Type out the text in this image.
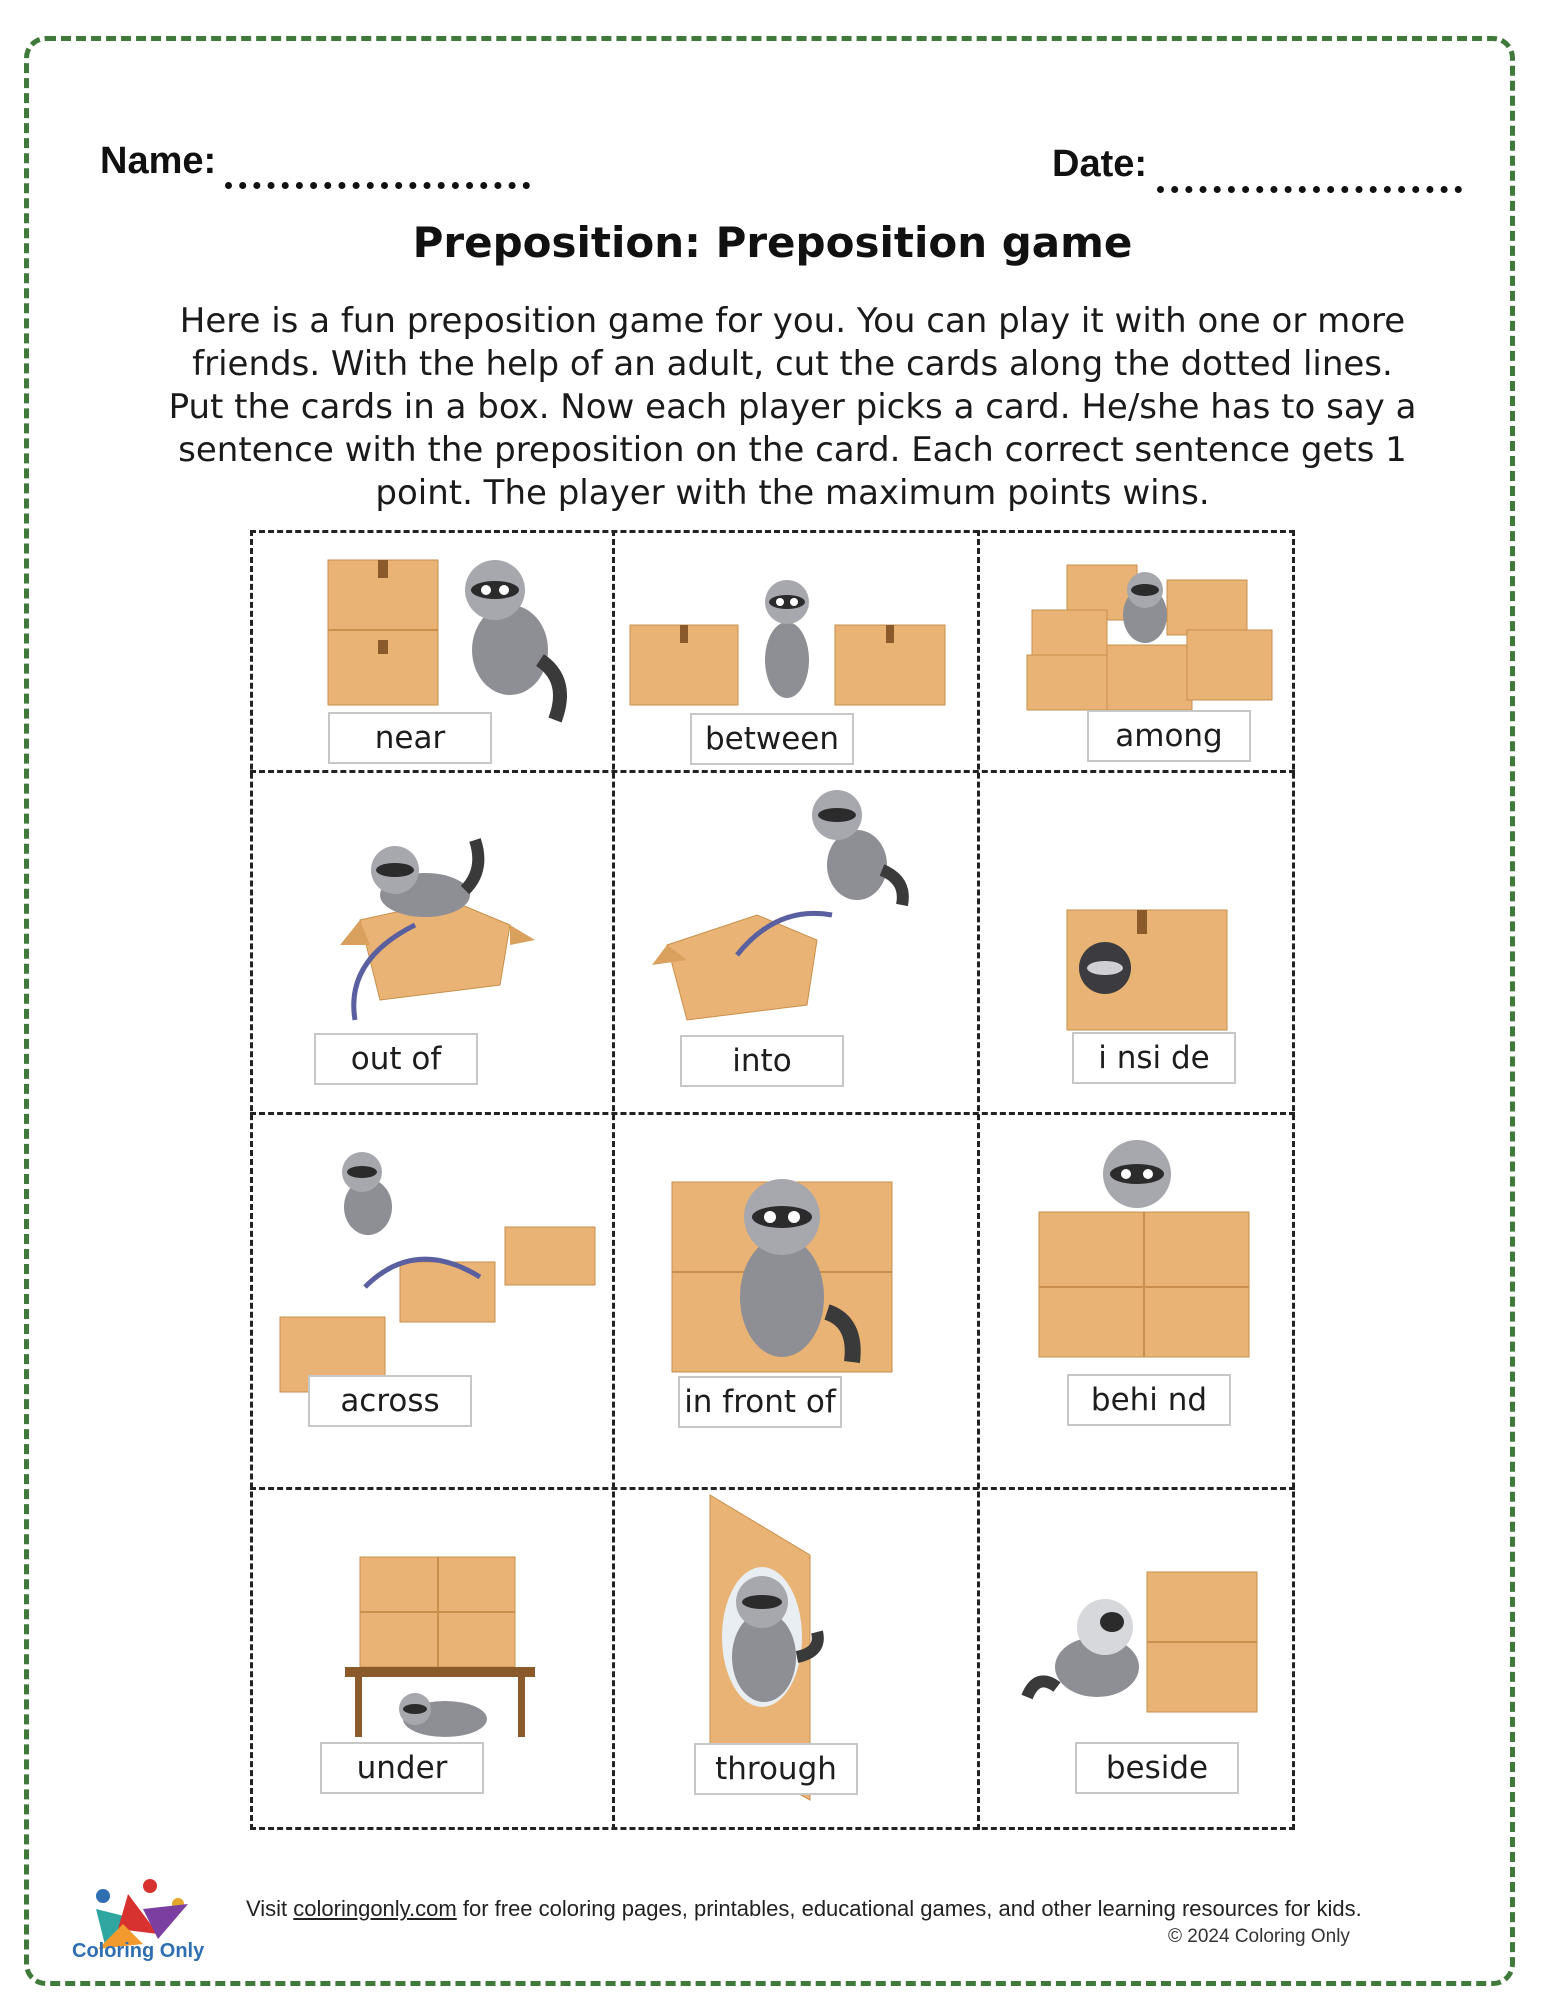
Name:	Date:
Preposition: Preposition game
Here is a fun preposition game for you. You can play it with one or more friends. With the help of an adult, cut the cards along the dotted lines. Put the cards in a box. Now each player picks a card. He/she has to say a sentence with the preposition on the card. Each correct sentence gets 1 point. The player with the maximum points wins.
near	between	among
out of	into	i nsi de
across	in front of	behi nd
under	through	beside
Coloring Only
Visit coloringonly.com for free coloring pages, printables, educational games, and other learning resources for kids.
© 2024 Coloring Only
